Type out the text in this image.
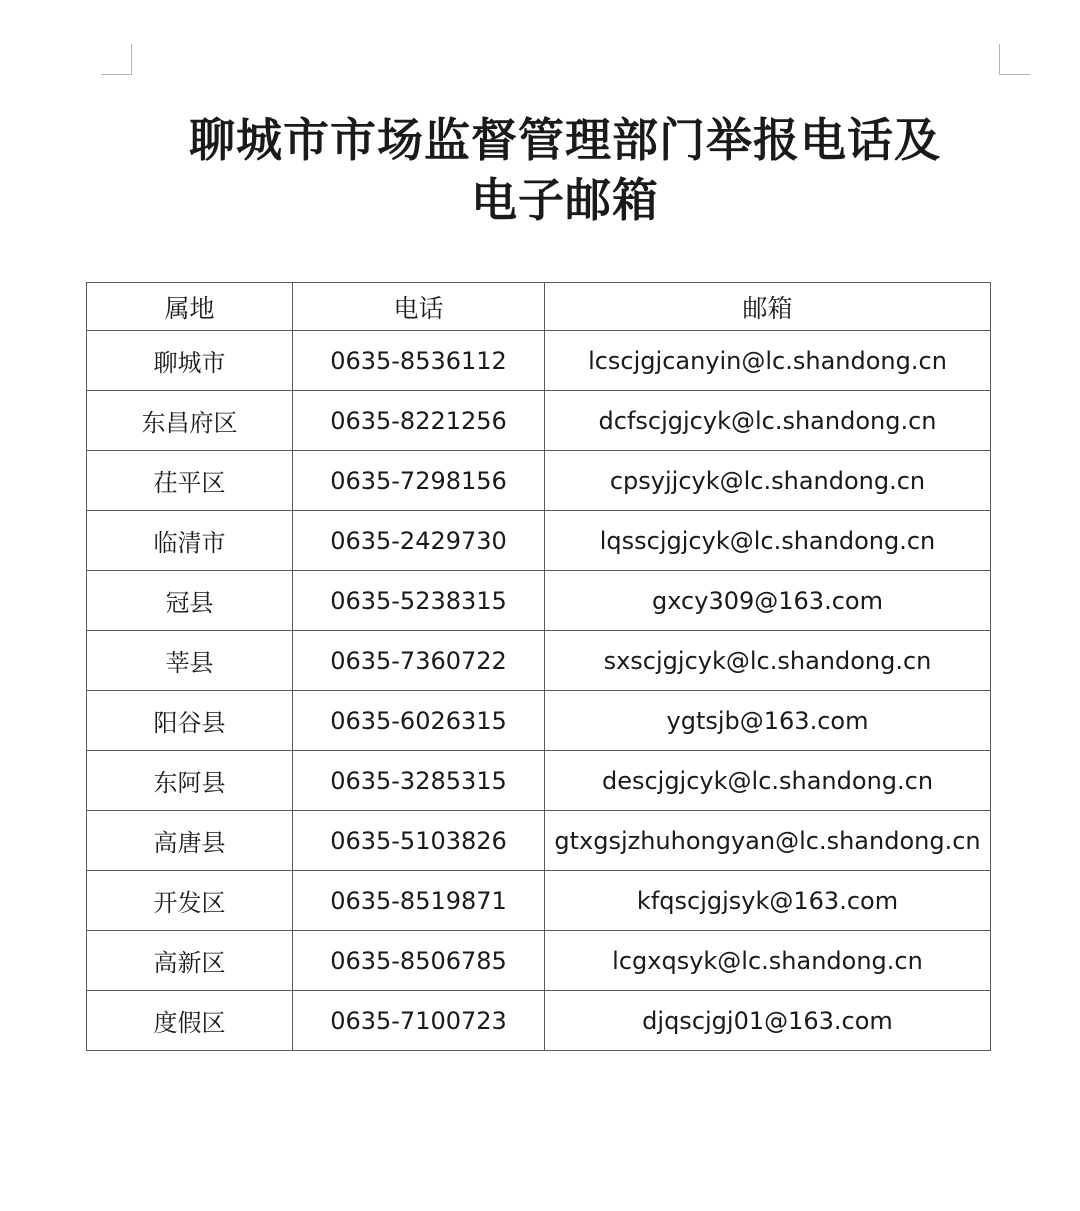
聊城市市场监督管理部门举报电话及
电子邮箱
属地	电话	邮箱
聊城市	0635-8536112	lcscjgjcanyin@lc.shandong.cn
东昌府区	0635-8221256	dcfscjgjcyk@lc.shandong.cn
茌平区	0635-7298156	cpsyjjcyk@lc.shandong.cn
临清市	0635-2429730	lqsscjgjcyk@lc.shandong.cn
冠县	0635-5238315	gxcy309@163.com
莘县	0635-7360722	sxscjgjcyk@lc.shandong.cn
阳谷县	0635-6026315	ygtsjb@163.com
东阿县	0635-3285315	descjgjcyk@lc.shandong.cn
高唐县	0635-5103826	gtxgsjzhuhongyan@lc.shandong.cn
开发区	0635-8519871	kfqscjgjsyk@163.com
高新区	0635-8506785	lcgxqsyk@lc.shandong.cn
度假区	0635-7100723	djqscjgj01@163.com
